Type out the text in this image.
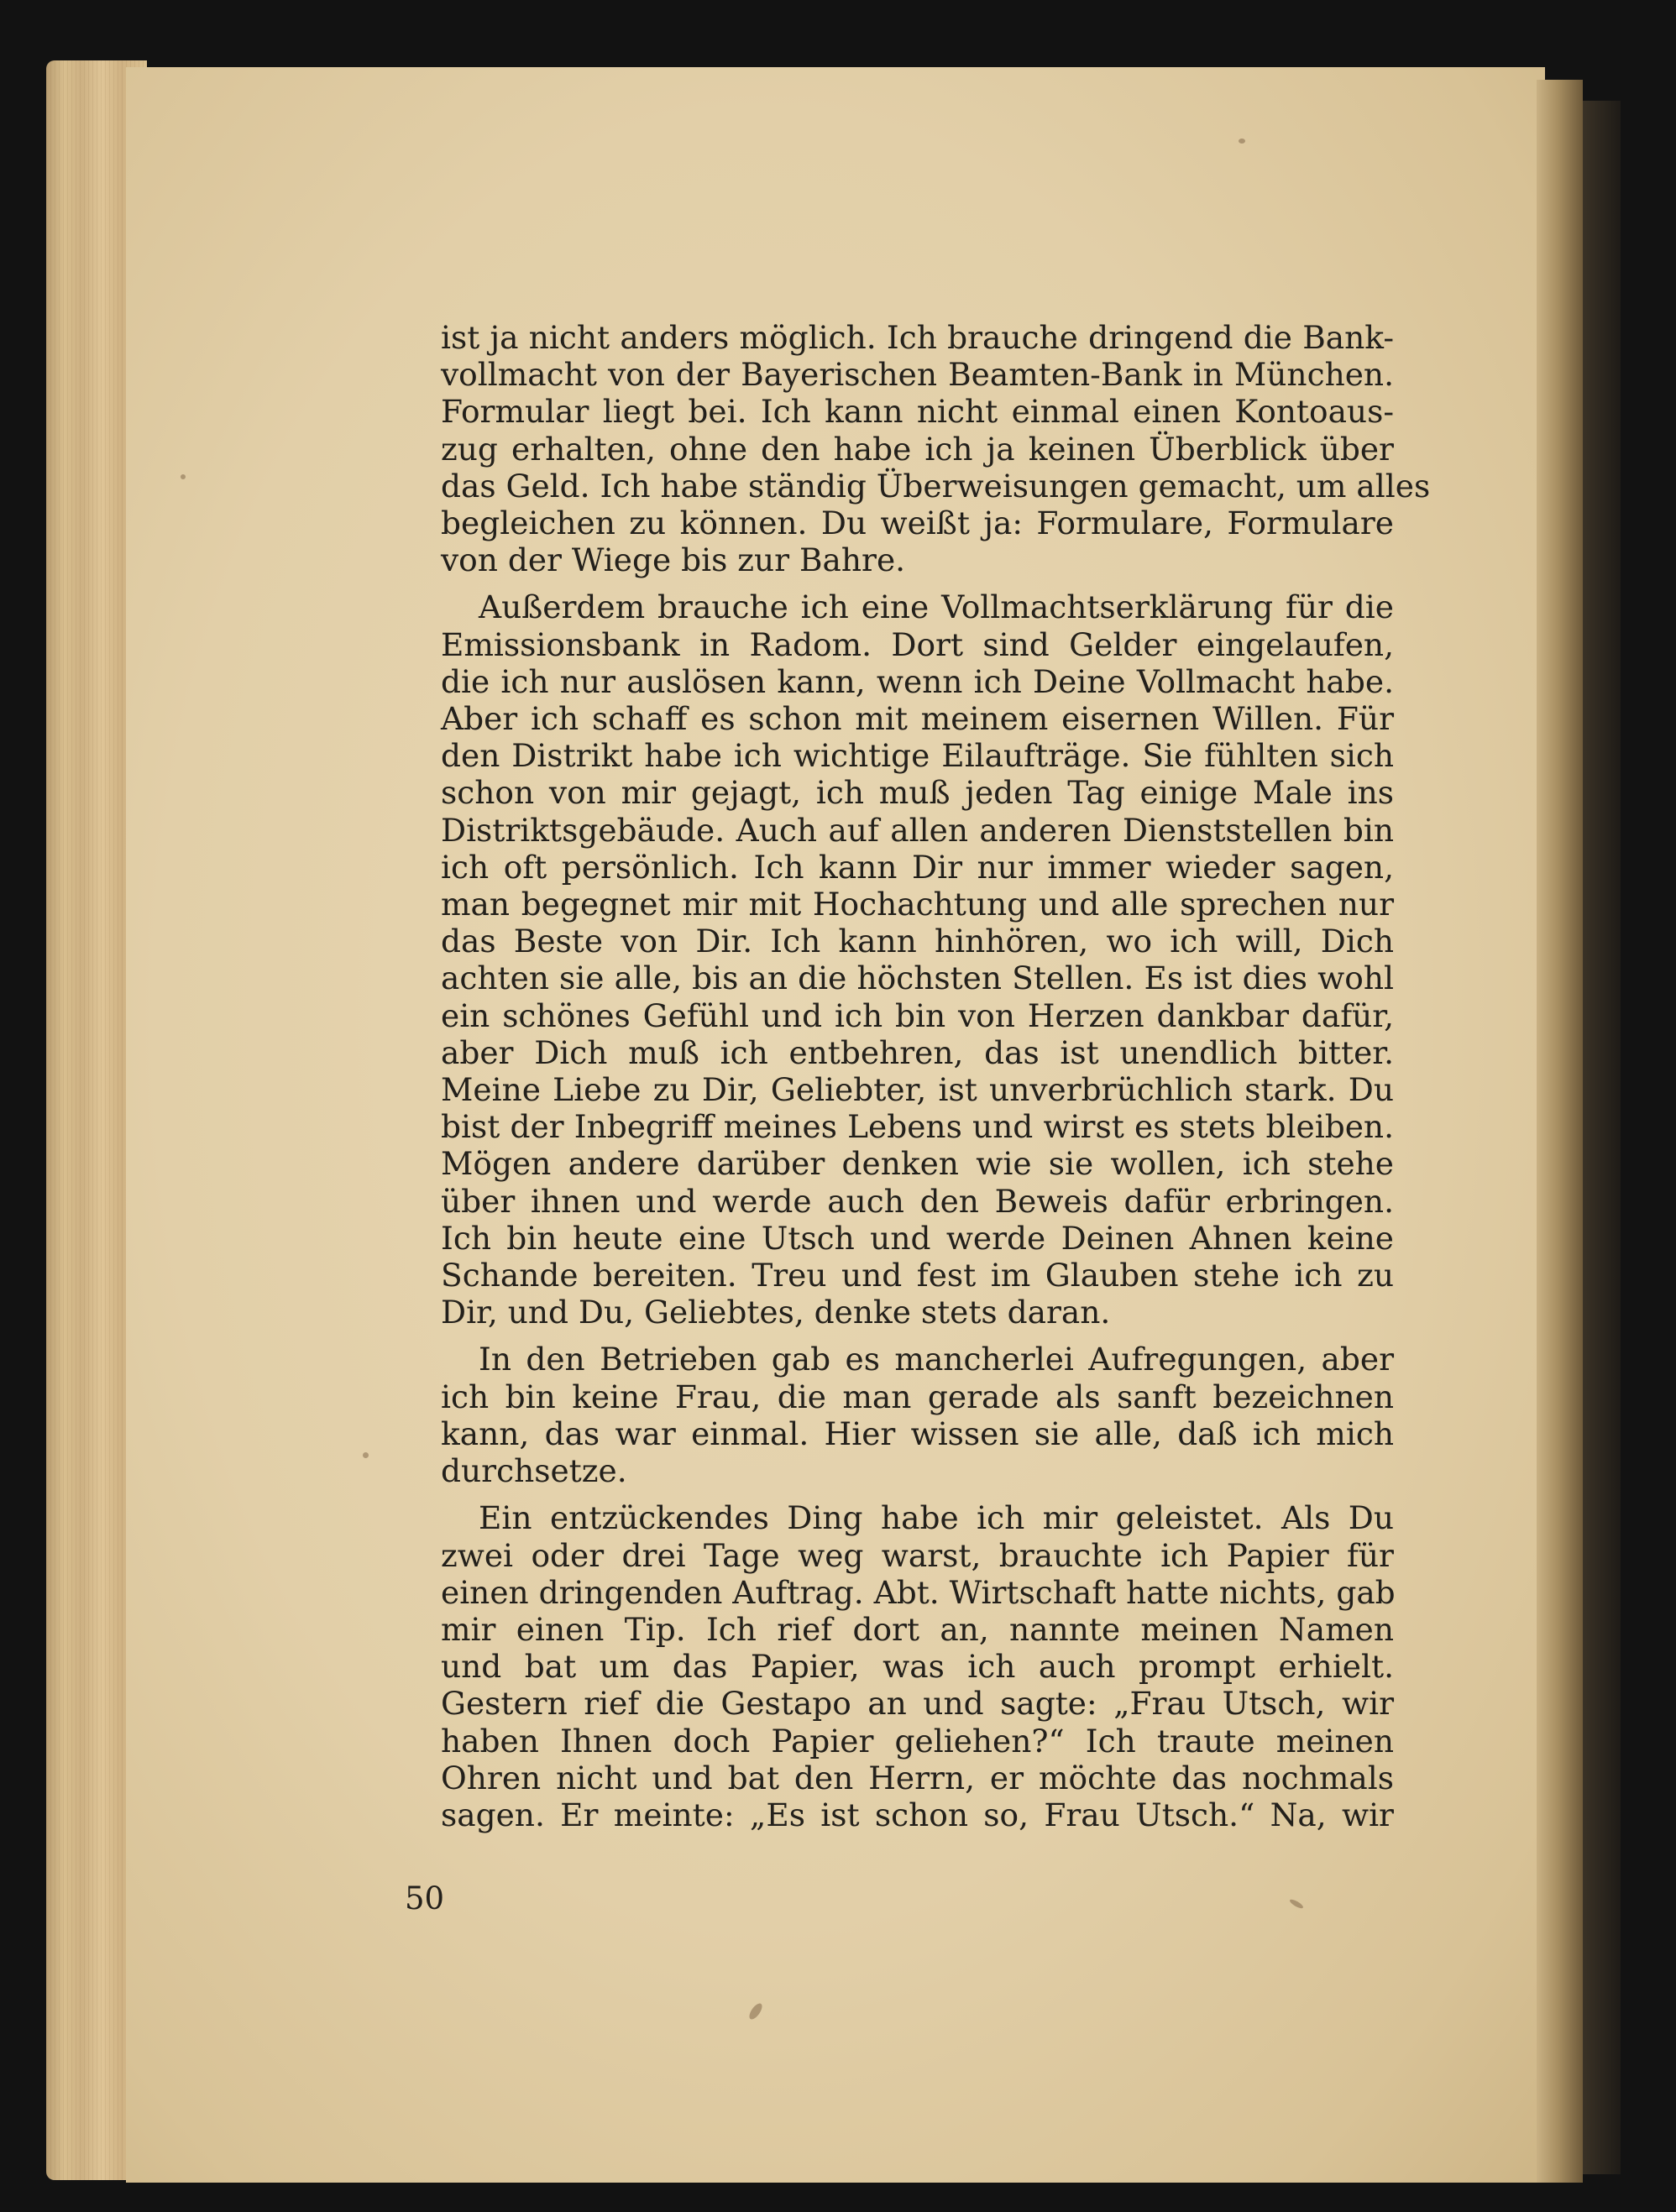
ist ja nicht anders möglich. Ich brauche dringend die Bank-
vollmacht von der Bayerischen Beamten-Bank in München.
Formular liegt bei. Ich kann nicht einmal einen Kontoaus-
zug erhalten, ohne den habe ich ja keinen Überblick über
das Geld. Ich habe ständig Überweisungen gemacht, um alles
begleichen zu können. Du weißt ja: Formulare, Formulare
von der Wiege bis zur Bahre.
Außerdem brauche ich eine Vollmachtserklärung für die
Emissionsbank in Radom. Dort sind Gelder eingelaufen,
die ich nur auslösen kann, wenn ich Deine Vollmacht habe.
Aber ich schaff es schon mit meinem eisernen Willen. Für
den Distrikt habe ich wichtige Eilaufträge. Sie fühlten sich
schon von mir gejagt, ich muß jeden Tag einige Male ins
Distriktsgebäude. Auch auf allen anderen Dienststellen bin
ich oft persönlich. Ich kann Dir nur immer wieder sagen,
man begegnet mir mit Hochachtung und alle sprechen nur
das Beste von Dir. Ich kann hinhören, wo ich will, Dich
achten sie alle, bis an die höchsten Stellen. Es ist dies wohl
ein schönes Gefühl und ich bin von Herzen dankbar dafür,
aber Dich muß ich entbehren, das ist unendlich bitter.
Meine Liebe zu Dir, Geliebter, ist unverbrüchlich stark. Du
bist der Inbegriff meines Lebens und wirst es stets bleiben.
Mögen andere darüber denken wie sie wollen, ich stehe
über ihnen und werde auch den Beweis dafür erbringen.
Ich bin heute eine Utsch und werde Deinen Ahnen keine
Schande bereiten. Treu und fest im Glauben stehe ich zu
Dir, und Du, Geliebtes, denke stets daran.
In den Betrieben gab es mancherlei Aufregungen, aber
ich bin keine Frau, die man gerade als sanft bezeichnen
kann, das war einmal. Hier wissen sie alle, daß ich mich
durchsetze.
Ein entzückendes Ding habe ich mir geleistet. Als Du
zwei oder drei Tage weg warst, brauchte ich Papier für
einen dringenden Auftrag. Abt. Wirtschaft hatte nichts, gab
mir einen Tip. Ich rief dort an, nannte meinen Namen
und bat um das Papier, was ich auch prompt erhielt.
Gestern rief die Gestapo an und sagte: „Frau Utsch, wir
haben Ihnen doch Papier geliehen?“ Ich traute meinen
Ohren nicht und bat den Herrn, er möchte das nochmals
sagen. Er meinte: „Es ist schon so, Frau Utsch.“ Na, wir
50
